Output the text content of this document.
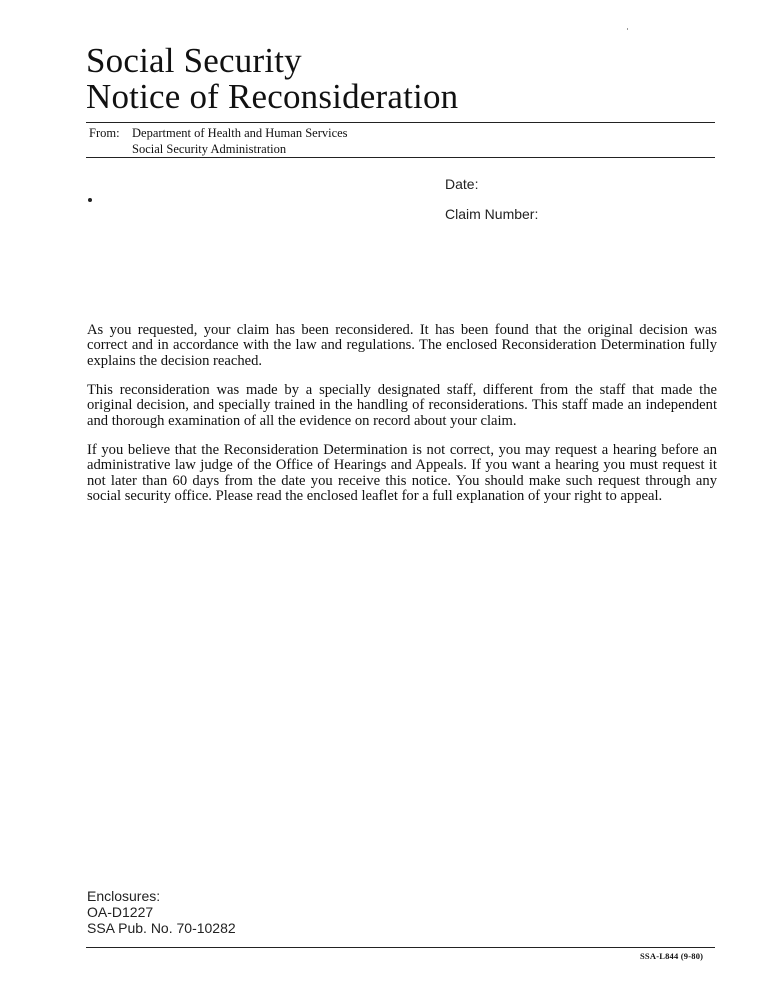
Social Security
Notice of Reconsideration
From: Department of Health and Human Services
Social Security Administration
Date:
Claim Number:

As you requested, your claim has been reconsidered. It has been found that the original decision was correct and in accordance with the law and regulations. The enclosed Reconsideration Determination fully explains the decision reached.

This reconsideration was made by a specially designated staff, different from the staff that made the original decision, and specially trained in the handling of reconsiderations. This staff made an independent and thorough examination of all the evidence on record about your claim.

If you believe that the Reconsideration Determination is not correct, you may request a hearing before an administrative law judge of the Office of Hearings and Appeals. If you want a hearing you must request it not later than 60 days from the date you receive this notice. You should make such request through any social security office. Please read the enclosed leaflet for a full explanation of your right to appeal.

Enclosures:
OA-D1227
SSA Pub. No. 70-10282
SSA-L844 (9-80)
